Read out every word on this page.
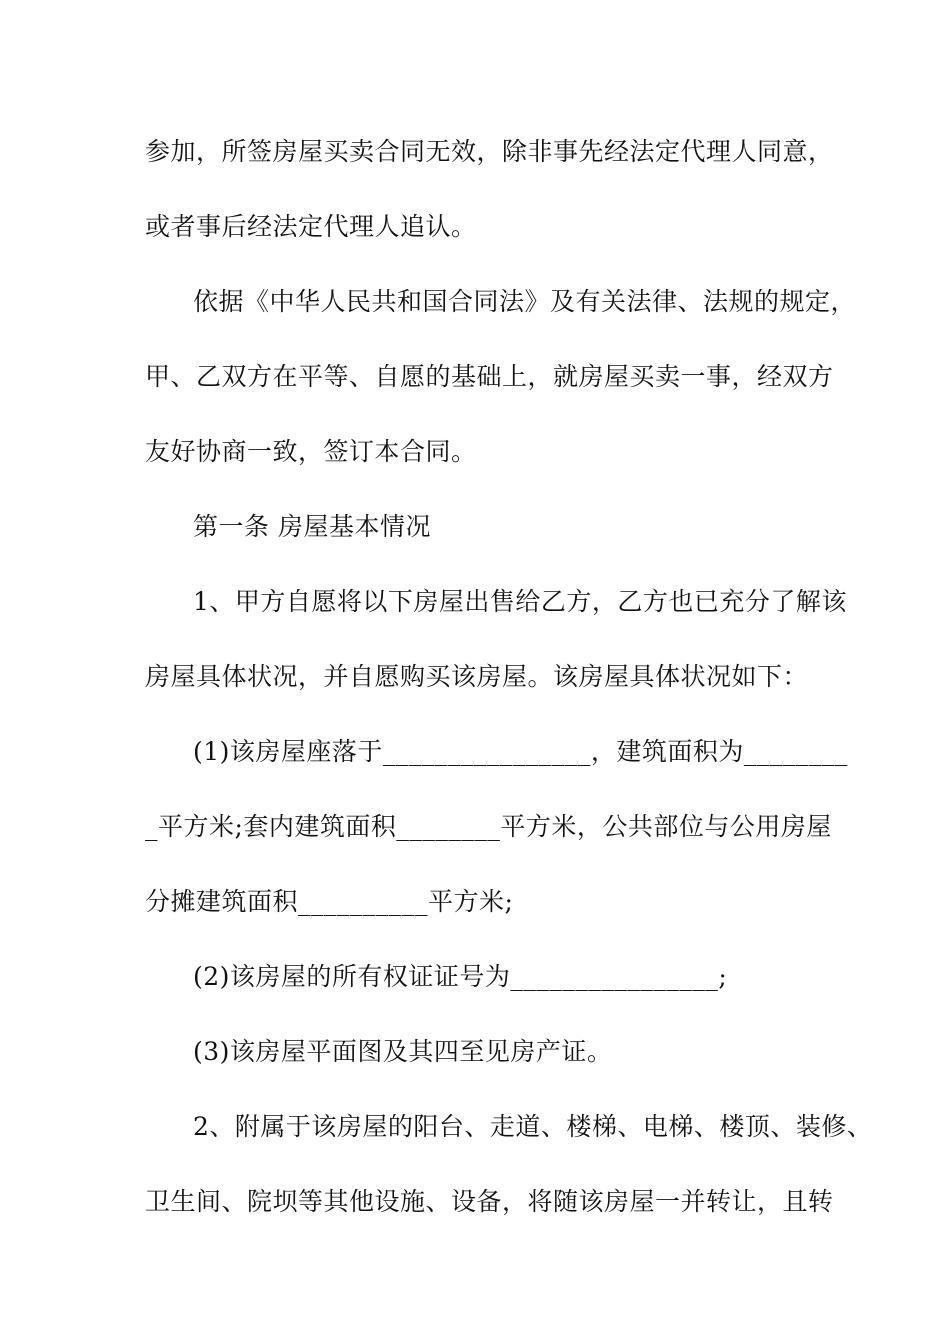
参加，所签房屋买卖合同无效，除非事先经法定代理人同意，
或者事后经法定代理人追认。
依据《中华人民共和国合同法》及有关法律、法规的规定，
甲、乙双方在平等、自愿的基础上，就房屋买卖一事，经双方
友好协商一致，签订本合同。
第一条 房屋基本情况
1、甲方自愿将以下房屋出售给乙方，乙方也已充分了解该
房屋具体状况，并自愿购买该房屋。该房屋具体状况如下：
(1)该房屋座落于________________，建筑面积为________
_平方米;套内建筑面积________平方米，公共部位与公用房屋
分摊建筑面积__________平方米;
(2)该房屋的所有权证证号为________________;
(3)该房屋平面图及其四至见房产证。
2、附属于该房屋的阳台、走道、楼梯、电梯、楼顶、装修、
卫生间、院坝等其他设施、设备，将随该房屋一并转让，且转
